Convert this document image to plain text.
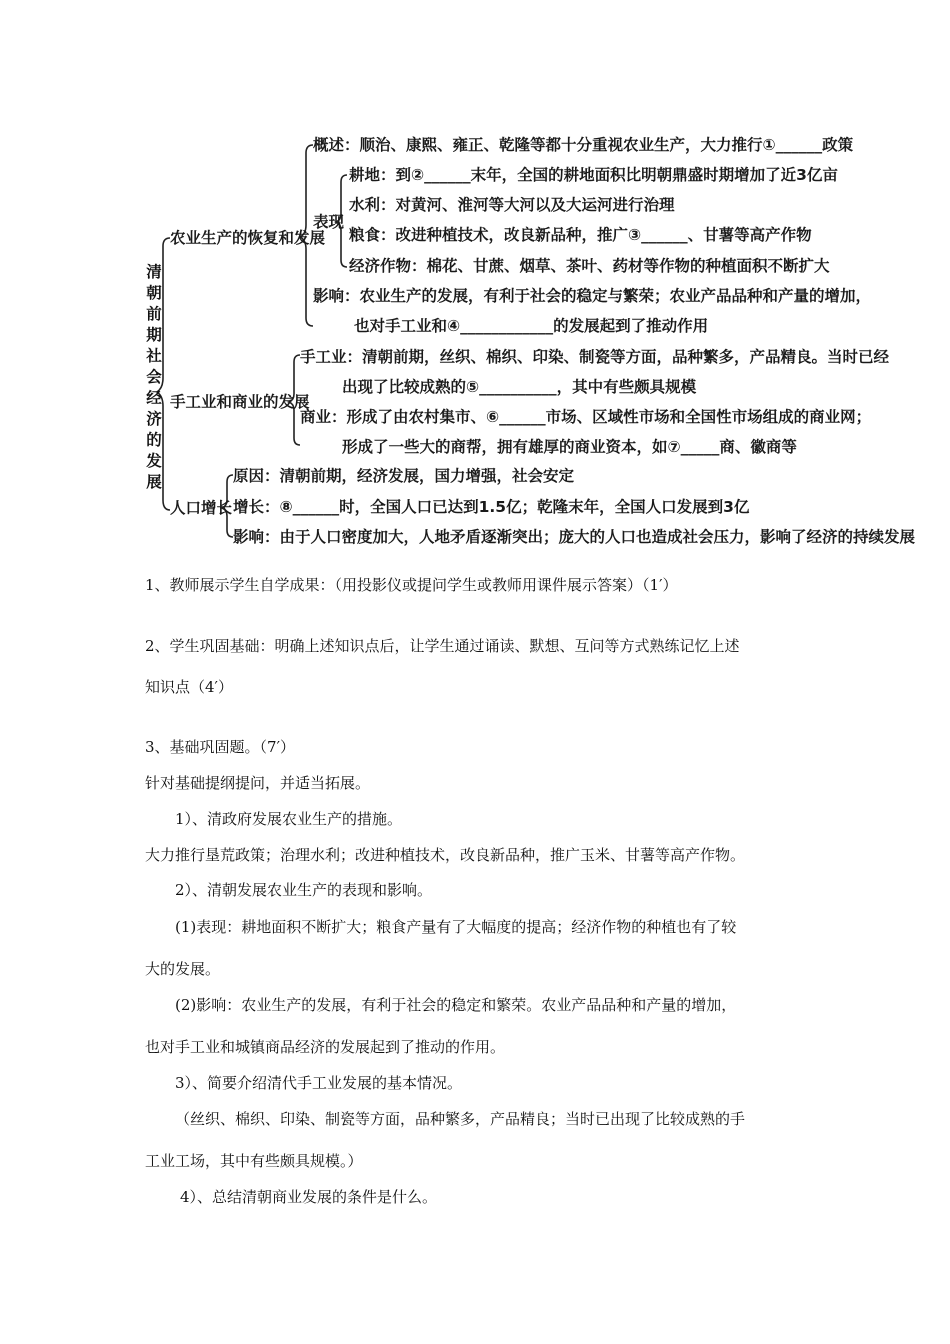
清朝前期社会经济的发展
农业生产的恢复和发展
手工业和商业的发展
人口增长
概述：顺治、康熙、雍正、乾隆等都十分重视农业生产，大力推行①______政策
表现
耕地：到②______末年，全国的耕地面积比明朝鼎盛时期增加了近3亿亩
水利：对黄河、淮河等大河以及大运河进行治理
粮食：改进种植技术，改良新品种，推广③______、甘薯等高产作物
经济作物：棉花、甘蔗、烟草、茶叶、药材等作物的种植面积不断扩大
影响：农业生产的发展，有利于社会的稳定与繁荣；农业产品品种和产量的增加，
也对手工业和④____________的发展起到了推动作用
手工业：清朝前期，丝织、棉织、印染、制瓷等方面，品种繁多，产品精良。当时已经
出现了比较成熟的⑤__________，其中有些颇具规模
商业：形成了由农村集市、⑥______市场、区域性市场和全国性市场组成的商业网；
形成了一些大的商帮，拥有雄厚的商业资本，如⑦_____商、徽商等
原因：清朝前期，经济发展，国力增强，社会安定
增长：⑧______时，全国人口已达到1.5亿；乾隆末年，全国人口发展到3亿
影响：由于人口密度加大，人地矛盾逐渐突出；庞大的人口也造成社会压力，影响了经济的持续发展
1、教师展示学生自学成果：（用投影仪或提问学生或教师用课件展示答案）（1′）
2、学生巩固基础：明确上述知识点后，让学生通过诵读、默想、互问等方式熟练记忆上述
知识点（4′）
3、基础巩固题。（7′）
针对基础提纲提问，并适当拓展。
1）、清政府发展农业生产的措施。
大力推行垦荒政策；治理水利；改进种植技术，改良新品种，推广玉米、甘薯等高产作物。
2）、清朝发展农业生产的表现和影响。
(1)表现：耕地面积不断扩大；粮食产量有了大幅度的提高；经济作物的种植也有了较
大的发展。
(2)影响：农业生产的发展，有利于社会的稳定和繁荣。农业产品品种和产量的增加，
也对手工业和城镇商品经济的发展起到了推动的作用。
3）、简要介绍清代手工业发展的基本情况。
（丝织、棉织、印染、制瓷等方面，品种繁多，产品精良；当时已出现了比较成熟的手
工业工场，其中有些颇具规模。）
4）、总结清朝商业发展的条件是什么。
